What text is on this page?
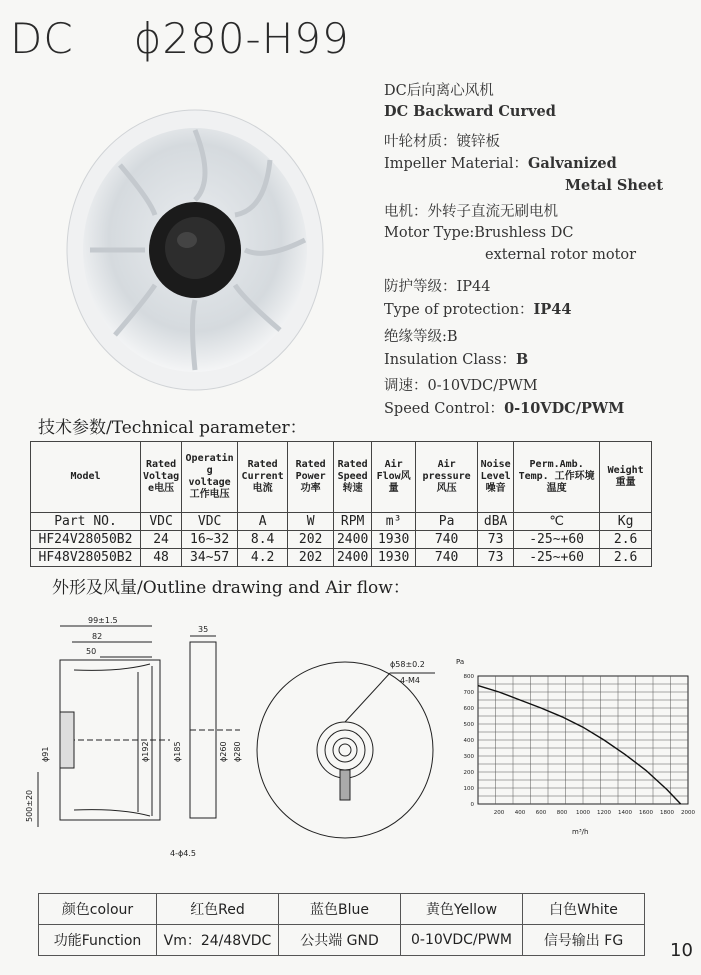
DC ϕ280-H99
DC后向离心风机
DC Backward Curved
叶轮材质：镀锌板
Impeller Material：Galvanized
Metal Sheet
电机：外转子直流无刷电机
Motor Type:Brushless DC
external rotor motor
防护等级：IP44
Type of protection：IP44
绝缘等级:B
Insulation Class：B
调速：0-10VDC/PWM
Speed Control：0-10VDC/PWM
技术参数/Technical parameter：
Model	Rated Voltag e电压	Operatin g voltage 工作电压	Rated Current 电流	Rated Power 功率	Rated Speed 转速	Air Flow风 量	Air pressure 风压	Noise Level 噪音	Perm.Amb. Temp. 工作环境温度	Weight 重量
Part NO.	VDC	VDC	A	W	RPM	m³	Pa	dBA	℃	Kg
HF24V28050B2	24	16~32	8.4	202	2400	1930	740	73	-25~+60	2.6
HF48V28050B2	48	34~57	4.2	202	2400	1930	740	73	-25~+60	2.6
外形及风量/Outline drawing and Air flow：
99±1.5
82
50
ϕ91	ϕ192
500±20
35
ϕ185	ϕ260 ϕ280
4-ϕ4.5
ϕ58±0.2
4-M4
Pa
m³/h
0
100
200
300
400
500
600
700
800
200 400 600 800 1000 1200 1400 1600 1800 2000
颜色colour	红色Red	蓝色Blue	黄色Yellow	白色White
功能Function	Vm：24/48VDC	公共端 GND	0-10VDC/PWM	信号输出 FG	10
